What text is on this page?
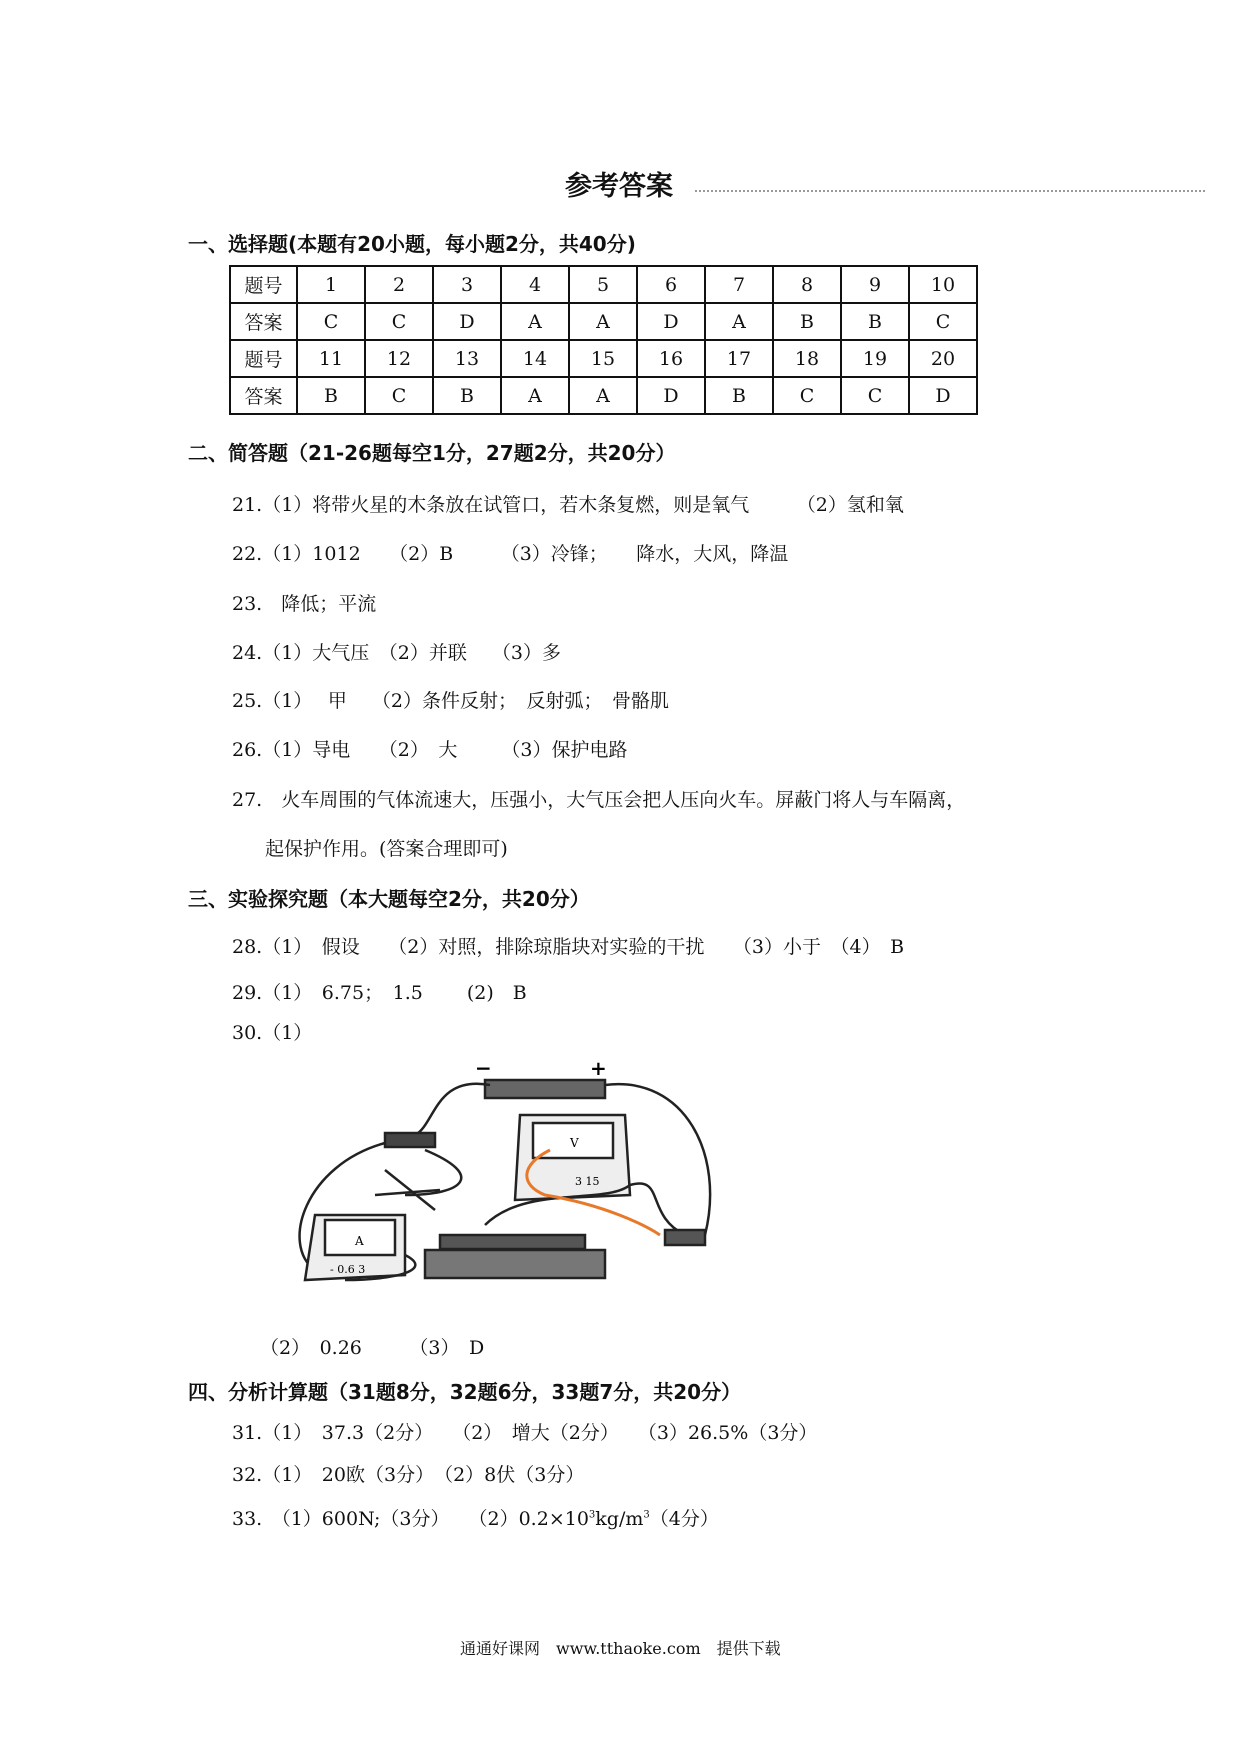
参考答案
一、选择题(本题有20小题，每小题2分，共40分)
题号	1	2	3	4	5	6	7	8	9	10
答案	C	C	D	A	A	D	A	B	B	C
题号	11	12	13	14	15	16	17	18	19	20
答案	B	C	B	A	A	D	B	C	C	D
二、简答题（21-26题每空1分，27题2分，共20分）
21.（1）将带火星的木条放在试管口，若木条复燃，则是氧气　　　（2）氢和氧
22.（1）1012　　（2）B　　　（3）冷锋；　　降水，大风，降温
23.　降低；平流
24.（1）大气压　（2）并联　 （3）多
25.（1）　 甲　 （2）条件反射；　反射弧；　骨骼肌
26.（1）导电　　（2）　大　　 （3）保护电路
27.　火车周围的气体流速大，压强小，大气压会把人压向火车。屏蔽门将人与车隔离，
起保护作用。(答案合理即可)
三、实验探究题（本大题每空2分，共20分）
28.（1）　假设　　（2）对照，排除琼脂块对实验的干扰　　（3）小于　（4）　B
29.（1）　6.75；　1.5　　 (2)　B
30.（1）
−	+
A
- 0.6 3
V
3 15
（2）　0.26　　　（3）　D
四、分析计算题（31题8分，32题6分，33题7分，共20分）
31.（1）　37.3（2分）　　（2）　增大（2分）　　（3）26.5%（3分）
32.（1）　20欧（3分）　（2）8伏（3分）
33.　（1）600N;（3分）　　$(2)0.2\times 10^3kg/m^3(4$分）
通通好课网　www.tthaoke.com　提供下载
